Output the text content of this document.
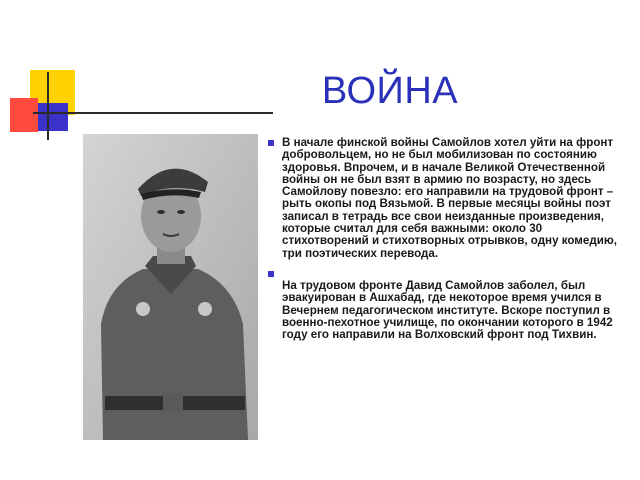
ВОЙНА
В начале финской войны Самойлов хотел уйти на фронт добровольцем, но не был мобилизован по состоянию здоровья. Впрочем, и в начале Великой Отечественной войны он не был взят в армию по возрасту, но здесь Самойлову повезло: его направили на трудовой фронт – рыть окопы под Вязьмой. В первые месяцы войны поэт записал в тетрадь все свои неизданные произведения, которые считал для себя важными: около 30 стихотворений и стихотворных отрывков, одну комедию, три поэтических перевода.
На трудовом фронте Давид Самойлов заболел, был эвакуирован в Ашхабад, где некоторое время учился в Вечернем педагогическом институте. Вскоре поступил в военно-пехотное училище, по окончании которого в 1942 году его направили на Волховский фронт под Тихвин.
